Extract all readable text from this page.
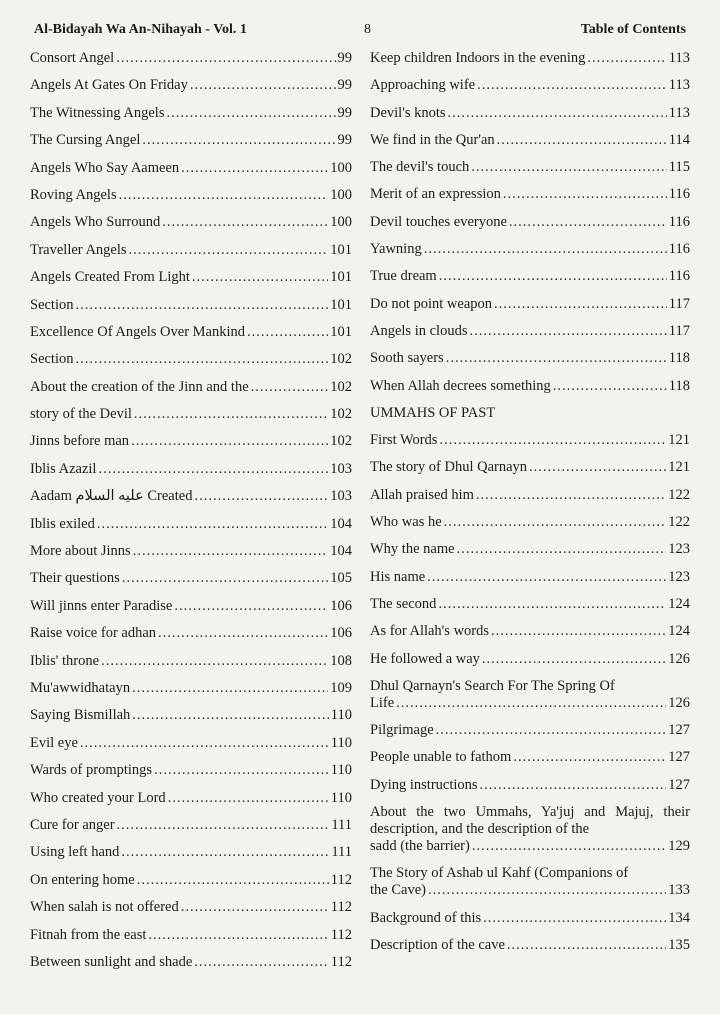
Al-Bidayah Wa An-Nihayah - Vol. 1	8	Table of Contents
Consort Angel .....	99
Angels At Gates On Friday .....	99
The Witnessing Angels .....	99
The Cursing Angel .....	99
Angels Who Say Aameen .....	100
Roving Angels .....	100
Angels Who Surround .....	100
Traveller Angels .....	101
Angels Created From Light .....	101
Section .....	101
Excellence Of Angels Over Mankind .....	101
Section .....	102
About the creation of the Jinn and the .....	102
story of the Devil .....	102
Jinns before man .....	102
Iblis Azazil .....	103
Aadam عليه السلام Created .....	103
Iblis exiled .....	104
More about Jinns .....	104
Their questions .....	105
Will jinns enter Paradise .....	106
Raise voice for adhan .....	106
Iblis' throne .....	108
Mu'awwidhatayn .....	109
Saying Bismillah .....	110
Evil eye .....	110
Wards of promptings .....	110
Who created your Lord .....	110
Cure for anger .....	111
Using left hand .....	111
On entering home .....	112
When salah is not offered .....	112
Fitnah from the east .....	112
Between sunlight and shade .....	112
Keep children Indoors in the evening .....	113
Approaching wife .....	113
Devil's knots .....	113
We find in the Qur'an .....	114
The devil's touch .....	115
Merit of an expression .....	116
Devil touches everyone .....	116
Yawning .....	116
True dream .....	116
Do not point weapon .....	117
Angels in clouds .....	117
Sooth sayers .....	118
When Allah decrees something .....	118
UMMAHS OF PAST
First Words .....	121
The story of Dhul Qarnayn .....	121
Allah praised him .....	122
Who was he .....	122
Why the name .....	123
His name .....	123
The second .....	124
As for Allah's words .....	124
He followed a way .....	126
Dhul Qarnayn's Search For The Spring Of
Life .....	126
Pilgrimage .....	127
People unable to fathom .....	127
Dying instructions .....	127
About the two Ummahs, Ya'juj and Majuj, their description, and the description of the
sadd (the barrier) .....	129
The Story of Ashab ul Kahf (Companions of
the Cave) .....	133
Background of this .....	134
Description of the cave .....	135
